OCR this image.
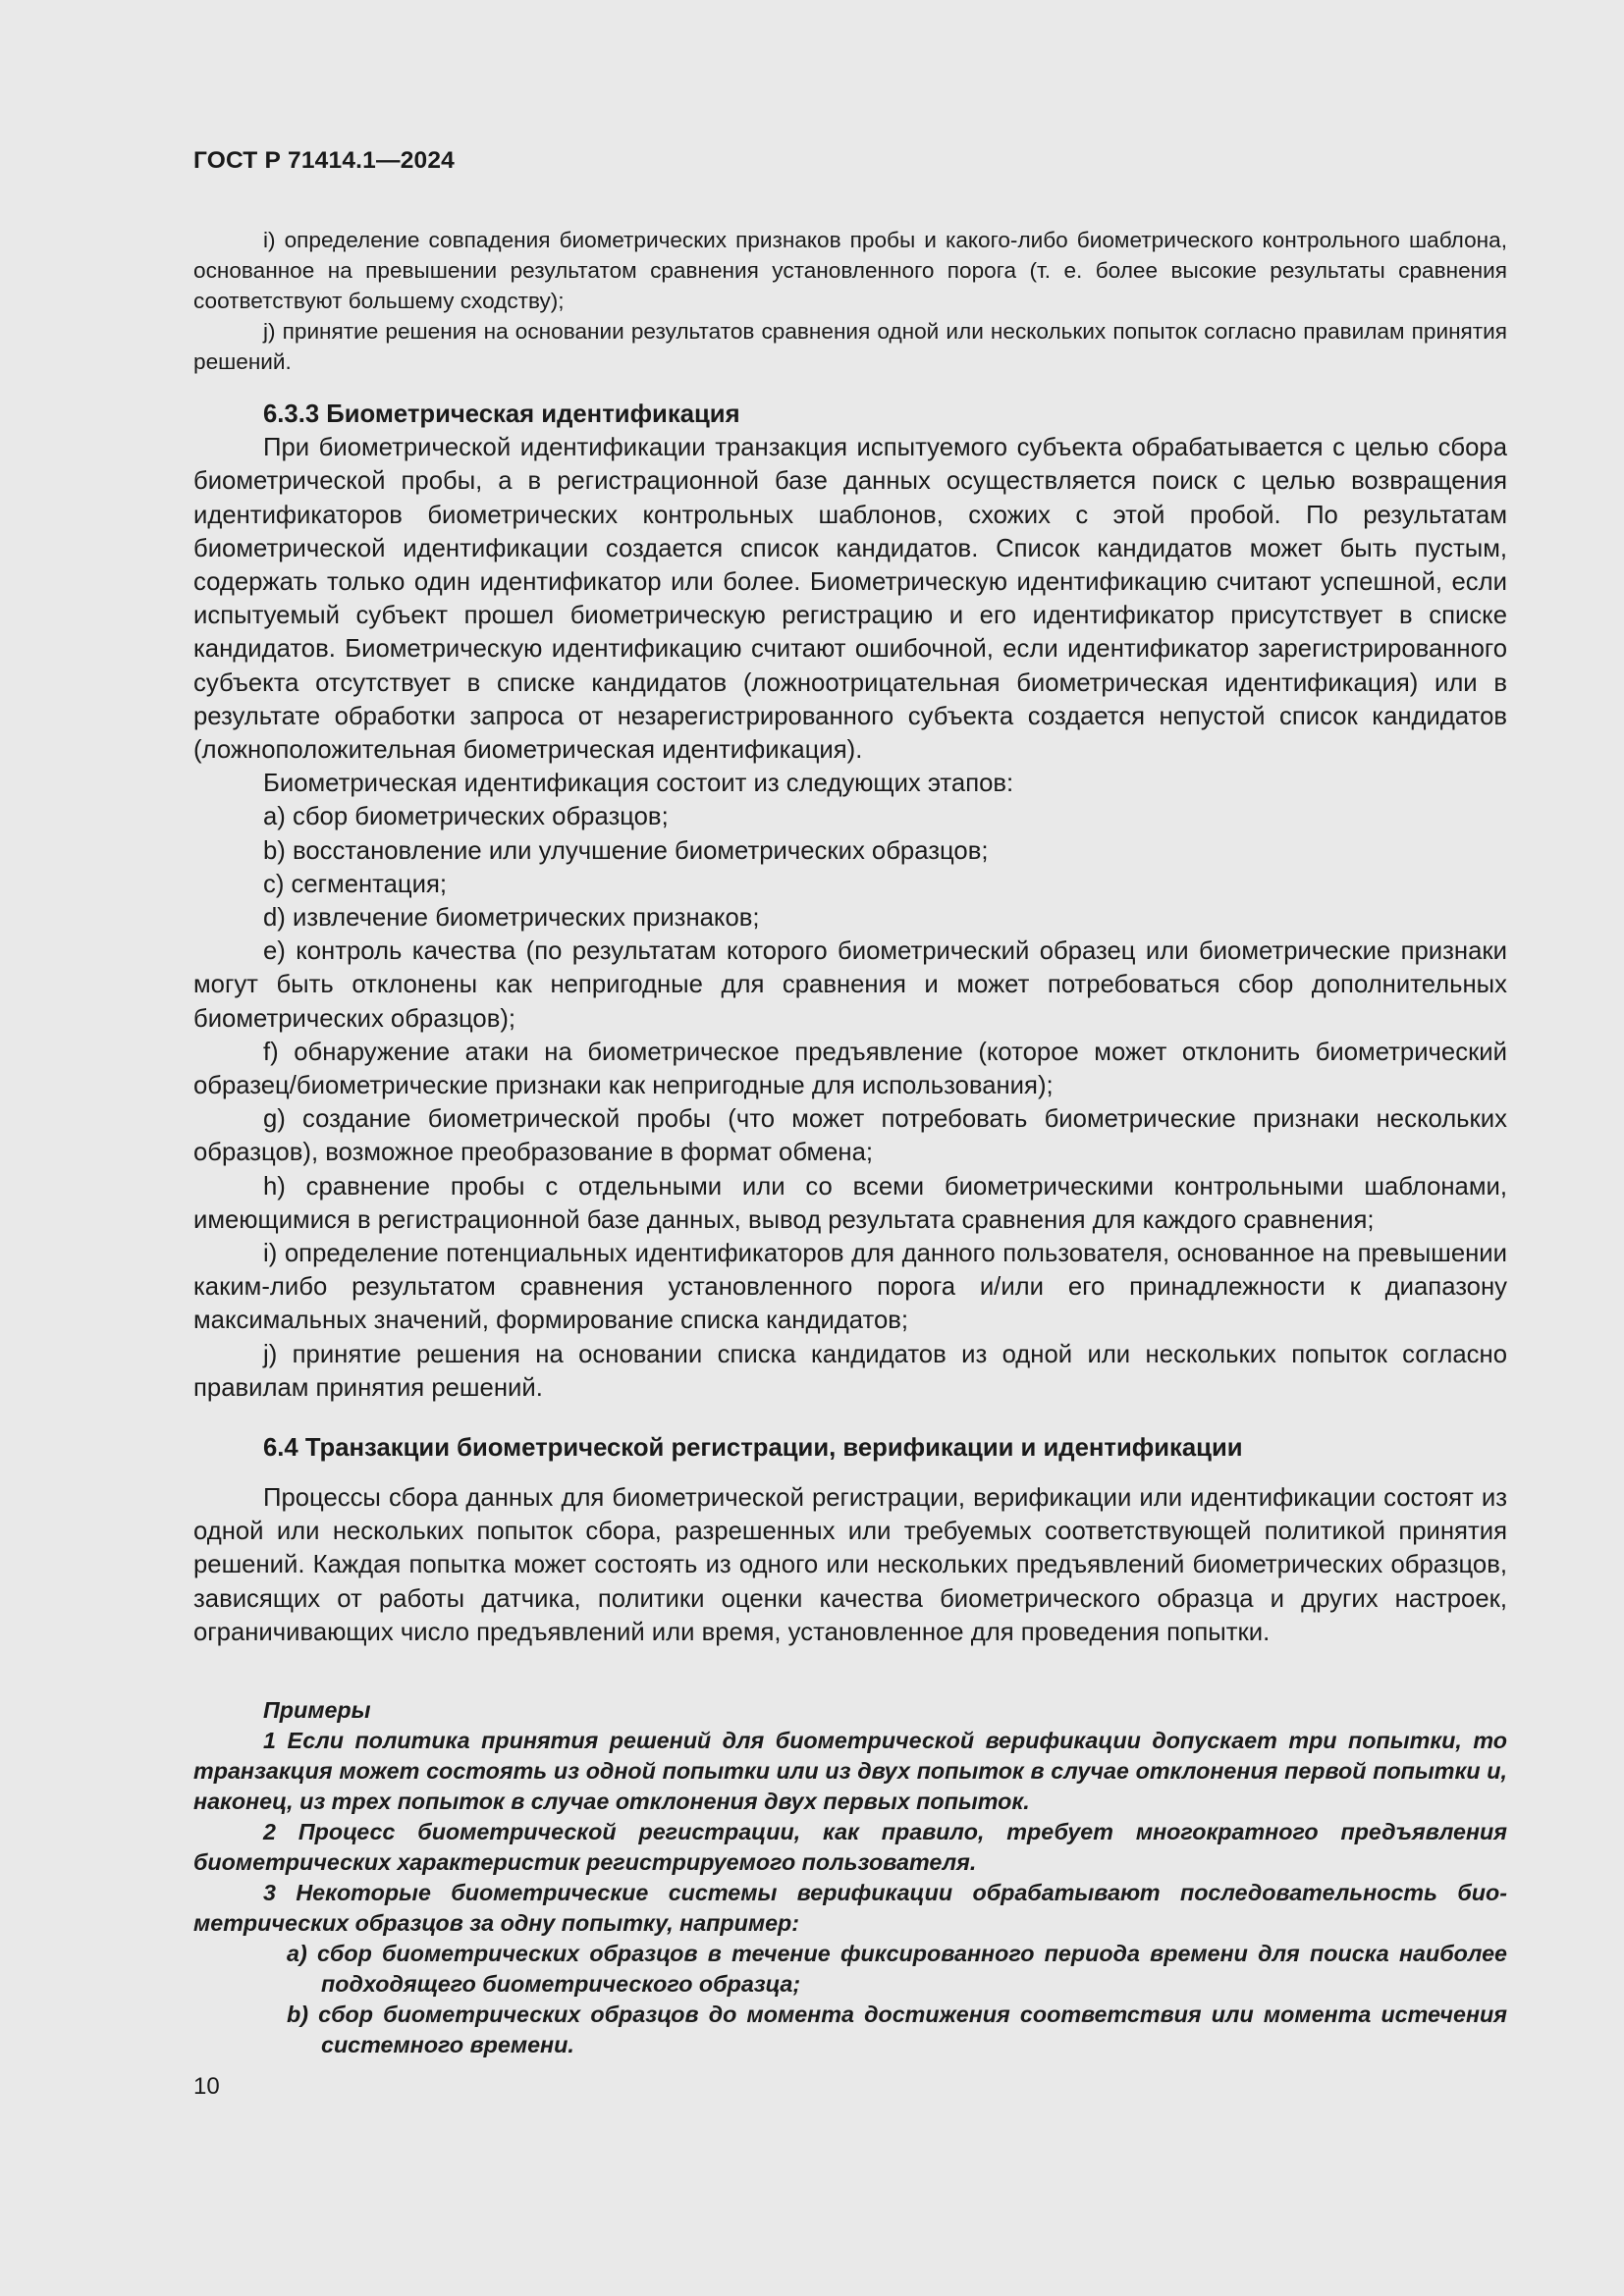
ГОСТ Р 71414.1—2024

i) определение совпадения биометрических признаков пробы и какого-либо биометрического контрольного шаблона, основанное на превышении результатом сравнения установленного порога (т. е. более высокие результаты сравнения соответствуют большему сходству);

j) принятие решения на основании результатов сравнения одной или нескольких попыток согласно правилам принятия решений.

6.3.3 Биометрическая идентификация

При биометрической идентификации транзакция испытуемого субъекта обрабатывается с целью сбора биометрической пробы, а в регистрационной базе данных осуществляется поиск с целью возвращения идентификаторов биометрических контрольных шаблонов, схожих с этой пробой. По результатам биометрической идентификации создается список кандидатов. Список кандидатов может быть пустым, содержать только один идентификатор или более. Биометрическую идентификацию считают успешной, если испытуемый субъект прошел биометрическую регистрацию и его идентификатор присутствует в списке кандидатов. Биометрическую идентификацию считают ошибочной, если идентификатор зарегистрированного субъекта отсутствует в списке кандидатов (ложноотрицательная биометрическая идентификация) или в результате обработки запроса от незарегистрированного субъекта создается непустой список кандидатов (ложноположительная биометрическая идентификация).

Биометрическая идентификация состоит из следующих этапов:

a) сбор биометрических образцов;

b) восстановление или улучшение биометрических образцов;

c) сегментация;

d) извлечение биометрических признаков;

e) контроль качества (по результатам которого биометрический образец или биометрические признаки могут быть отклонены как непригодные для сравнения и может потребоваться сбор дополнительных биометрических образцов);

f) обнаружение атаки на биометрическое предъявление (которое может отклонить биометрический образец/биометрические признаки как непригодные для использования);

g) создание биометрической пробы (что может потребовать биометрические признаки нескольких образцов), возможное преобразование в формат обмена;

h) сравнение пробы с отдельными или со всеми биометрическими контрольными шаблонами, имеющимися в регистрационной базе данных, вывод результата сравнения для каждого сравнения;

i) определение потенциальных идентификаторов для данного пользователя, основанное на превышении каким-либо результатом сравнения установленного порога и/или его принадлежности к диапазону максимальных значений, формирование списка кандидатов;

j) принятие решения на основании списка кандидатов из одной или нескольких попыток согласно правилам принятия решений.

6.4 Транзакции биометрической регистрации, верификации и идентификации

Процессы сбора данных для биометрической регистрации, верификации или идентификации состоят из одной или нескольких попыток сбора, разрешенных или требуемых соответствующей политикой принятия решений. Каждая попытка может состоять из одного или нескольких предъявлений биометрических образцов, зависящих от работы датчика, политики оценки качества биометрического образца и других настроек, ограничивающих число предъявлений или время, установленное для проведения попытки.

Примеры

1 Если политика принятия решений для биометрической верификации допускает три попытки, то транзакция может состоять из одной попытки или из двух попыток в случае отклонения первой попытки и, наконец, из трех попыток в случае отклонения двух первых попыток.

2 Процесс биометрической регистрации, как правило, требует многократного предъявления биометрических характеристик регистрируемого пользователя.

3 Некоторые биометрические системы верификации обрабатывают последовательность биометрических образцов за одну попытку, например:

a) сбор биометрических образцов в течение фиксированного периода времени для поиска наиболее подходящего биометрического образца;

b) сбор биометрических образцов до момента достижения соответствия или момента истечения системного времени.

10
